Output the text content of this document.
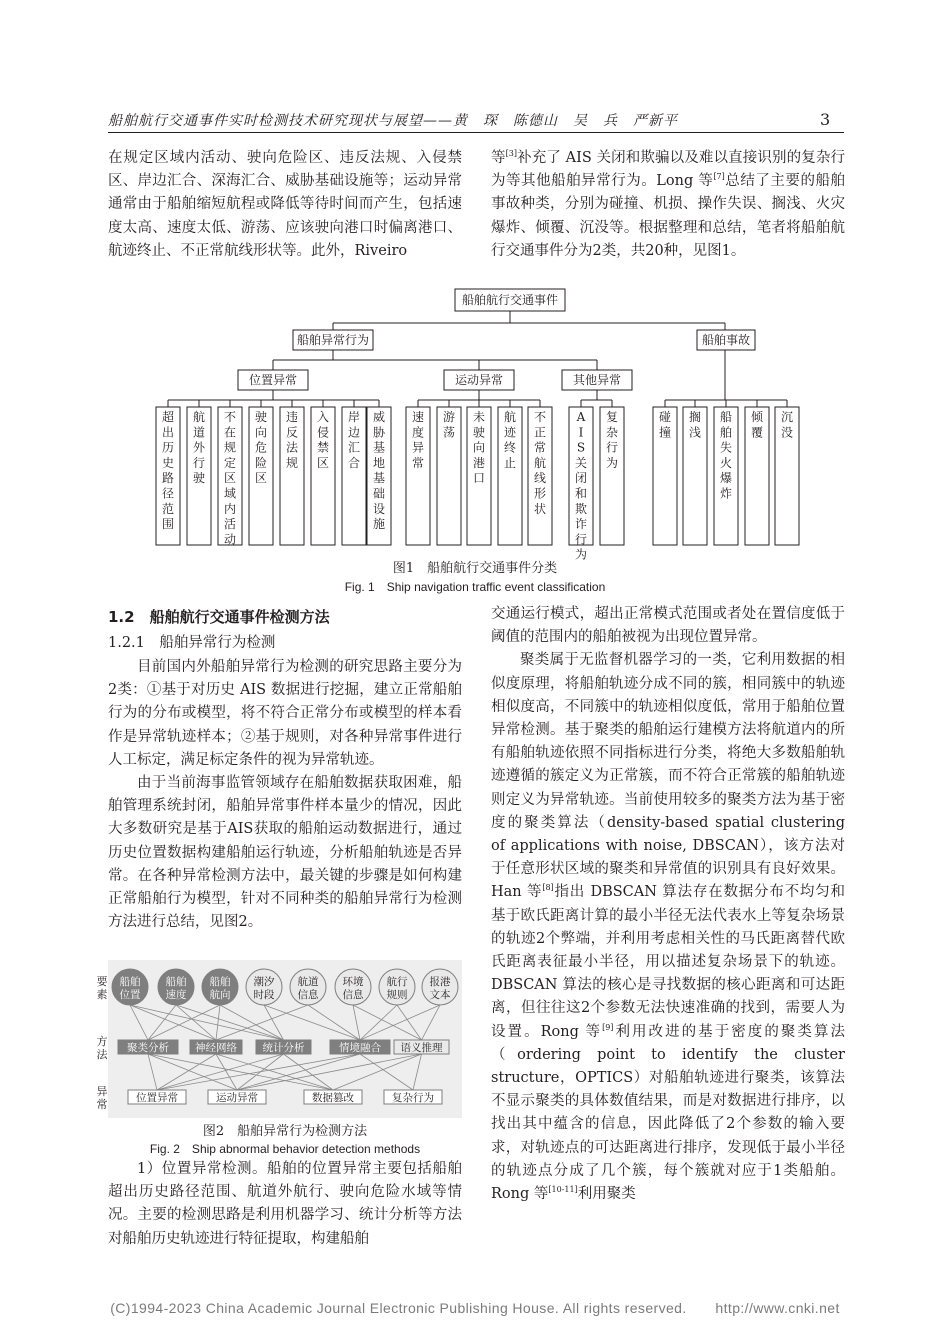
船舶航行交通事件实时检测技术研究现状与展望——黄　琛　陈德山　吴　兵　严新平	3

在规定区域内活动、驶向危险区、违反法规、入侵禁区、岸边汇合、深海汇合、威胁基础设施等；运动异常通常由于船舶缩短航程或降低等待时间而产生，包括速度太高、速度太低、游荡、应该驶向港口时偏离港口、航迹终止、不正常航线形状等。此外，Riveiro

等[3]补充了 AIS 关闭和欺骗以及难以直接识别的复杂行为等其他船舶异常行为。Long 等[7]总结了主要的船舶事故种类，分别为碰撞、机损、操作失误、搁浅、火灾爆炸、倾覆、沉没等。根据整理和总结，笔者将船舶航行交通事件分为2类，共20种，见图1。

超出历史路径范围
航道外行驶
不在规定区域内活动
驶向危险区
违反法规
入侵禁区
岸边汇合
威胁基地基础设施
速度异常
游荡
未驶向港口
航迹终止
不正常航线形状
A I S 关闭和欺诈行为
复杂行为
碰撞
搁浅
船舶失火爆炸
倾覆
沉没
船舶航行交通事件
船舶异常行为	船舶事故
位置异常	运动异常	其他异常
图1　船舶航行交通事件分类
Fig. 1　Ship navigation traffic event classification
1.2　船舶航行交通事件检测方法
1.2.1　船舶异常行为检测

目前国内外船舶异常行为检测的研究思路主要分为2类：①基于对历史 AIS 数据进行挖掘，建立正常船舶行为的分布或模型，将不符合正常分布或模型的样本看作是异常轨迹样本；②基于规则，对各种异常事件进行人工标定，满足标定条件的视为异常轨迹。

由于当前海事监管领域存在船舶数据获取困难，船舶管理系统封闭，船舶异常事件样本量少的情况，因此大多数研究是基于AIS获取的船舶运动数据进行，通过历史位置数据构建船舶运行轨迹，分析船舶轨迹是否异常。在各种异常检测方法中，最关键的步骤是如何构建正常船舶行为模型，针对不同种类的船舶异常行为检测方法进行总结，见图2。

船舶位置
船舶速度
船舶航向
潮汐时段
航道信息
环境信息
航行规则
报港文本
聚类分析 神经网络 统计分析	情境融合 语义推理
位置异常	运动异常	数据篡改	复杂行为
要素
方法
异常
图2　船舶异常行为检测方法
Fig. 2　Ship abnormal behavior detection methods

1）位置异常检测。船舶的位置异常主要包括船舶超出历史路径范围、航道外航行、驶向危险水域等情况。主要的检测思路是利用机器学习、统计分析等方法对船舶历史轨迹进行特征提取，构建船舶

交通运行模式，超出正常模式范围或者处在置信度低于阈值的范围内的船舶被视为出现位置异常。

聚类属于无监督机器学习的一类，它利用数据的相似度原理，将船舶轨迹分成不同的簇，相同簇中的轨迹相似度高，不同簇中的轨迹相似度低，常用于船舶位置异常检测。基于聚类的船舶运行建模方法将航道内的所有船舶轨迹依照不同指标进行分类，将绝大多数船舶轨迹遵循的簇定义为正常簇，而不符合正常簇的船舶轨迹则定义为异常轨迹。当前使用较多的聚类方法为基于密度的聚类算法（density-based spatial clustering of applications with noise, DBSCAN），该方法对于任意形状区域的聚类和异常值的识别具有良好效果。Han 等[8]指出 DBSCAN 算法存在数据分布不均匀和基于欧氏距离计算的最小半径无法代表水上等复杂场景的轨迹2个弊端，并利用考虑相关性的马氏距离替代欧氏距离表征最小半径，用以描述复杂场景下的轨迹。DBSCAN 算法的核心是寻找数据的核心距离和可达距离，但往往这2个参数无法快速准确的找到，需要人为设置。Rong 等[9]利用改进的基于密度的聚类算法（ordering point to identify the cluster structure，OPTICS）对船舶轨迹进行聚类，该算法不显示聚类的具体数值结果，而是对数据进行排序，以找出其中蕴含的信息，因此降低了2个参数的输入要求，对轨迹点的可达距离进行排序，发现低于最小半径的轨迹点分成了几个簇，每个簇就对应于1类船舶。Rong 等[10-11]利用聚类

(C)1994-2023 China Academic Journal Electronic Publishing House. All rights reserved.　　http://www.cnki.net
